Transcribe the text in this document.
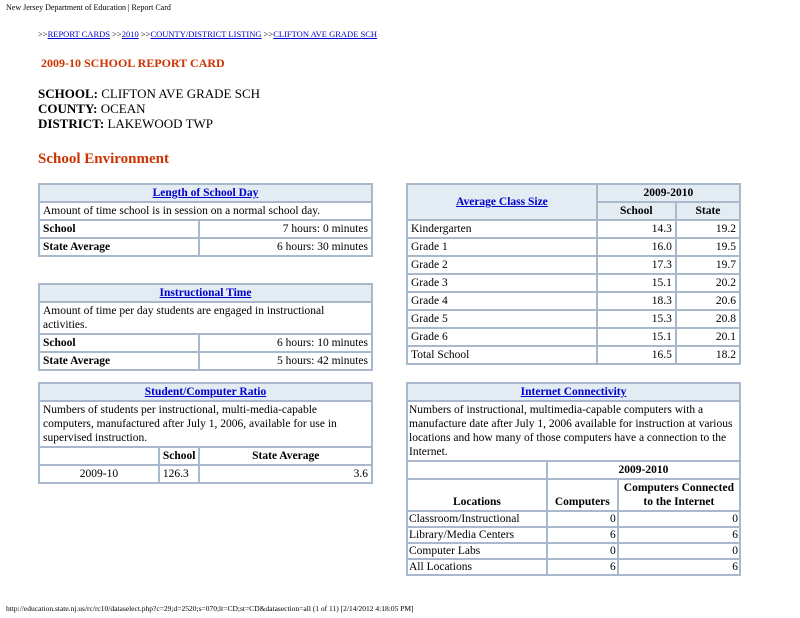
New Jersey Department of Education | Report Card
>>REPORT CARDS >>2010 >>COUNTY/DISTRICT LISTING >>CLIFTON AVE GRADE SCH
2009-10 SCHOOL REPORT CARD
SCHOOL: CLIFTON AVE GRADE SCH
COUNTY: OCEAN
DISTRICT: LAKEWOOD TWP
School Environment
Length of School Day	
Amount of time school is in session on a normal school day.	
School	7 hours: 0 minutes
State Average	6 hours: 30 minutes
Instructional Time	
Amount of time per day students are engaged in instructional activities.	
School	6 hours: 10 minutes
State Average	5 hours: 42 minutes
Student/Computer Ratio		
Numbers of students per instructional, multi-media-capable computers, manufactured after July 1, 2006, available for use in supervised instruction.		
	School	State Average
2009-10	126.3	3.6
Average Class Size	2009-2010	
	School	State
Kindergarten	14.3	19.2
Grade 1	16.0	19.5
Grade 2	17.3	19.7
Grade 3	15.1	20.2
Grade 4	18.3	20.6
Grade 5	15.3	20.8
Grade 6	15.1	20.1
Total School	16.5	18.2
Internet Connectivity		
Numbers of instructional, multimedia-capable computers with a manufacture date after July 1, 2006 available for instruction at various locations and how many of those computers have a connection to the Internet.		
	2009-2010	
Locations	Computers	Computers Connected to the Internet
Classroom/Instructional	0	0
Library/Media Centers	6	6
Computer Labs	0	0
All Locations	6	6
http://education.state.nj.us/rc/rc10/dataselect.php?c=29;d=2520;s=070;lt=CD;st=CD&datasection=all (1 of 11) [2/14/2012 4:18:05 PM]
